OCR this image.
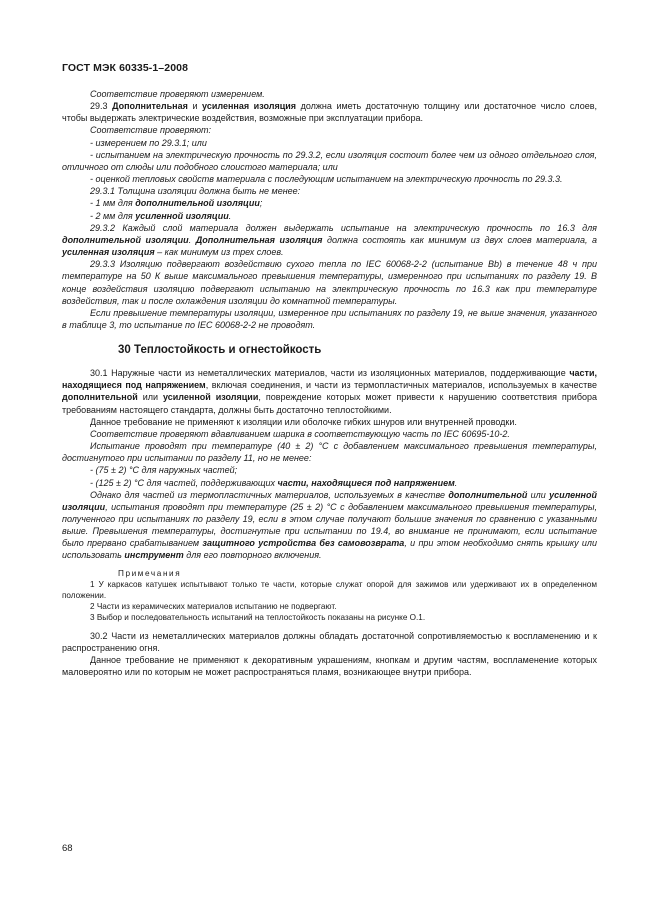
ГОСТ МЭК 60335-1–2008

Соответствие проверяют измерением.

29.3 Дополнительная и усиленная изоляция должна иметь достаточную толщину или достаточное число слоев, чтобы выдержать электрические воздействия, возможные при эксплуатации прибора.

Соответствие проверяют:

- измерением по 29.3.1; или

- испытанием на электрическую прочность по 29.3.2, если изоляция состоит более чем из одного отдельного слоя, отличного от слюды или подобного слоистого материала; или

- оценкой тепловых свойств материала с последующим испытанием на электрическую прочность по 29.3.3.

29.3.1 Толщина изоляции должна быть не менее:

- 1 мм для дополнительной изоляции;

- 2 мм для усиленной изоляции.

29.3.2 Каждый слой материала должен выдержать испытание на электрическую прочность по 16.3 для дополнительной изоляции. Дополнительная изоляция должна состоять как минимум из двух слоев материала, а усиленная изоляция – как минимум из трех слоев.

29.3.3 Изоляцию подвергают воздействию сухого тепла по IEC 60068-2-2 (испытание Bb) в течение 48 ч при температуре на 50 К выше максимального превышения температуры, измеренного при испытаниях по разделу 19. В конце воздействия изоляцию подвергают испытанию на электрическую прочность по 16.3 как при температуре воздействия, так и после охлаждения изоляции до комнатной температуры.

Если превышение температуры изоляции, измеренное при испытаниях по разделу 19, не выше значения, указанного в таблице 3, то испытание по IEC 60068-2-2 не проводят.

30 Теплостойкость и огнестойкость

30.1 Наружные части из неметаллических материалов, части из изоляционных материалов, поддерживающие части, находящиеся под напряжением, включая соединения, и части из термопластичных материалов, используемых в качестве дополнительной или усиленной изоляции, повреждение которых может привести к нарушению соответствия прибора требованиям настоящего стандарта, должны быть достаточно теплостойкими.

Данное требование не применяют к изоляции или оболочке гибких шнуров или внутренней проводки.

Соответствие проверяют вдавливанием шарика в соответствующую часть по IEC 60695-10-2.

Испытание проводят при температуре (40 ± 2) °С с добавлением максимального превышения температуры, достигнутого при испытании по разделу 11, но не менее:

- (75 ± 2) °С для наружных частей;

- (125 ± 2) °С для частей, поддерживающих части, находящиеся под напряжением.

Однако для частей из термопластичных материалов, используемых в качестве дополнительной или усиленной изоляции, испытания проводят при температуре (25 ± 2) °С с добавлением максимального превышения температуры, полученного при испытаниях по разделу 19, если в этом случае получают большие значения по сравнению с указанными выше. Превышения температуры, достигнутые при испытании по 19.4, во внимание не принимают, если испытание было прервано срабатыванием защитного устройства без самовозврата, и при этом необходимо снять крышку или использовать инструмент для его повторного включения.

Примечания

1 У каркасов катушек испытывают только те части, которые служат опорой для зажимов или удерживают их в определенном положении.

2 Части из керамических материалов испытанию не подвергают.

3 Выбор и последовательность испытаний на теплостойкость показаны на рисунке О.1.

30.2 Части из неметаллических материалов должны обладать достаточной сопротивляемостью к воспламенению и к распространению огня.

Данное требование не применяют к декоративным украшениям, кнопкам и другим частям, воспламенение которых маловероятно или по которым не может распространяться пламя, возникающее внутри прибора.

68
